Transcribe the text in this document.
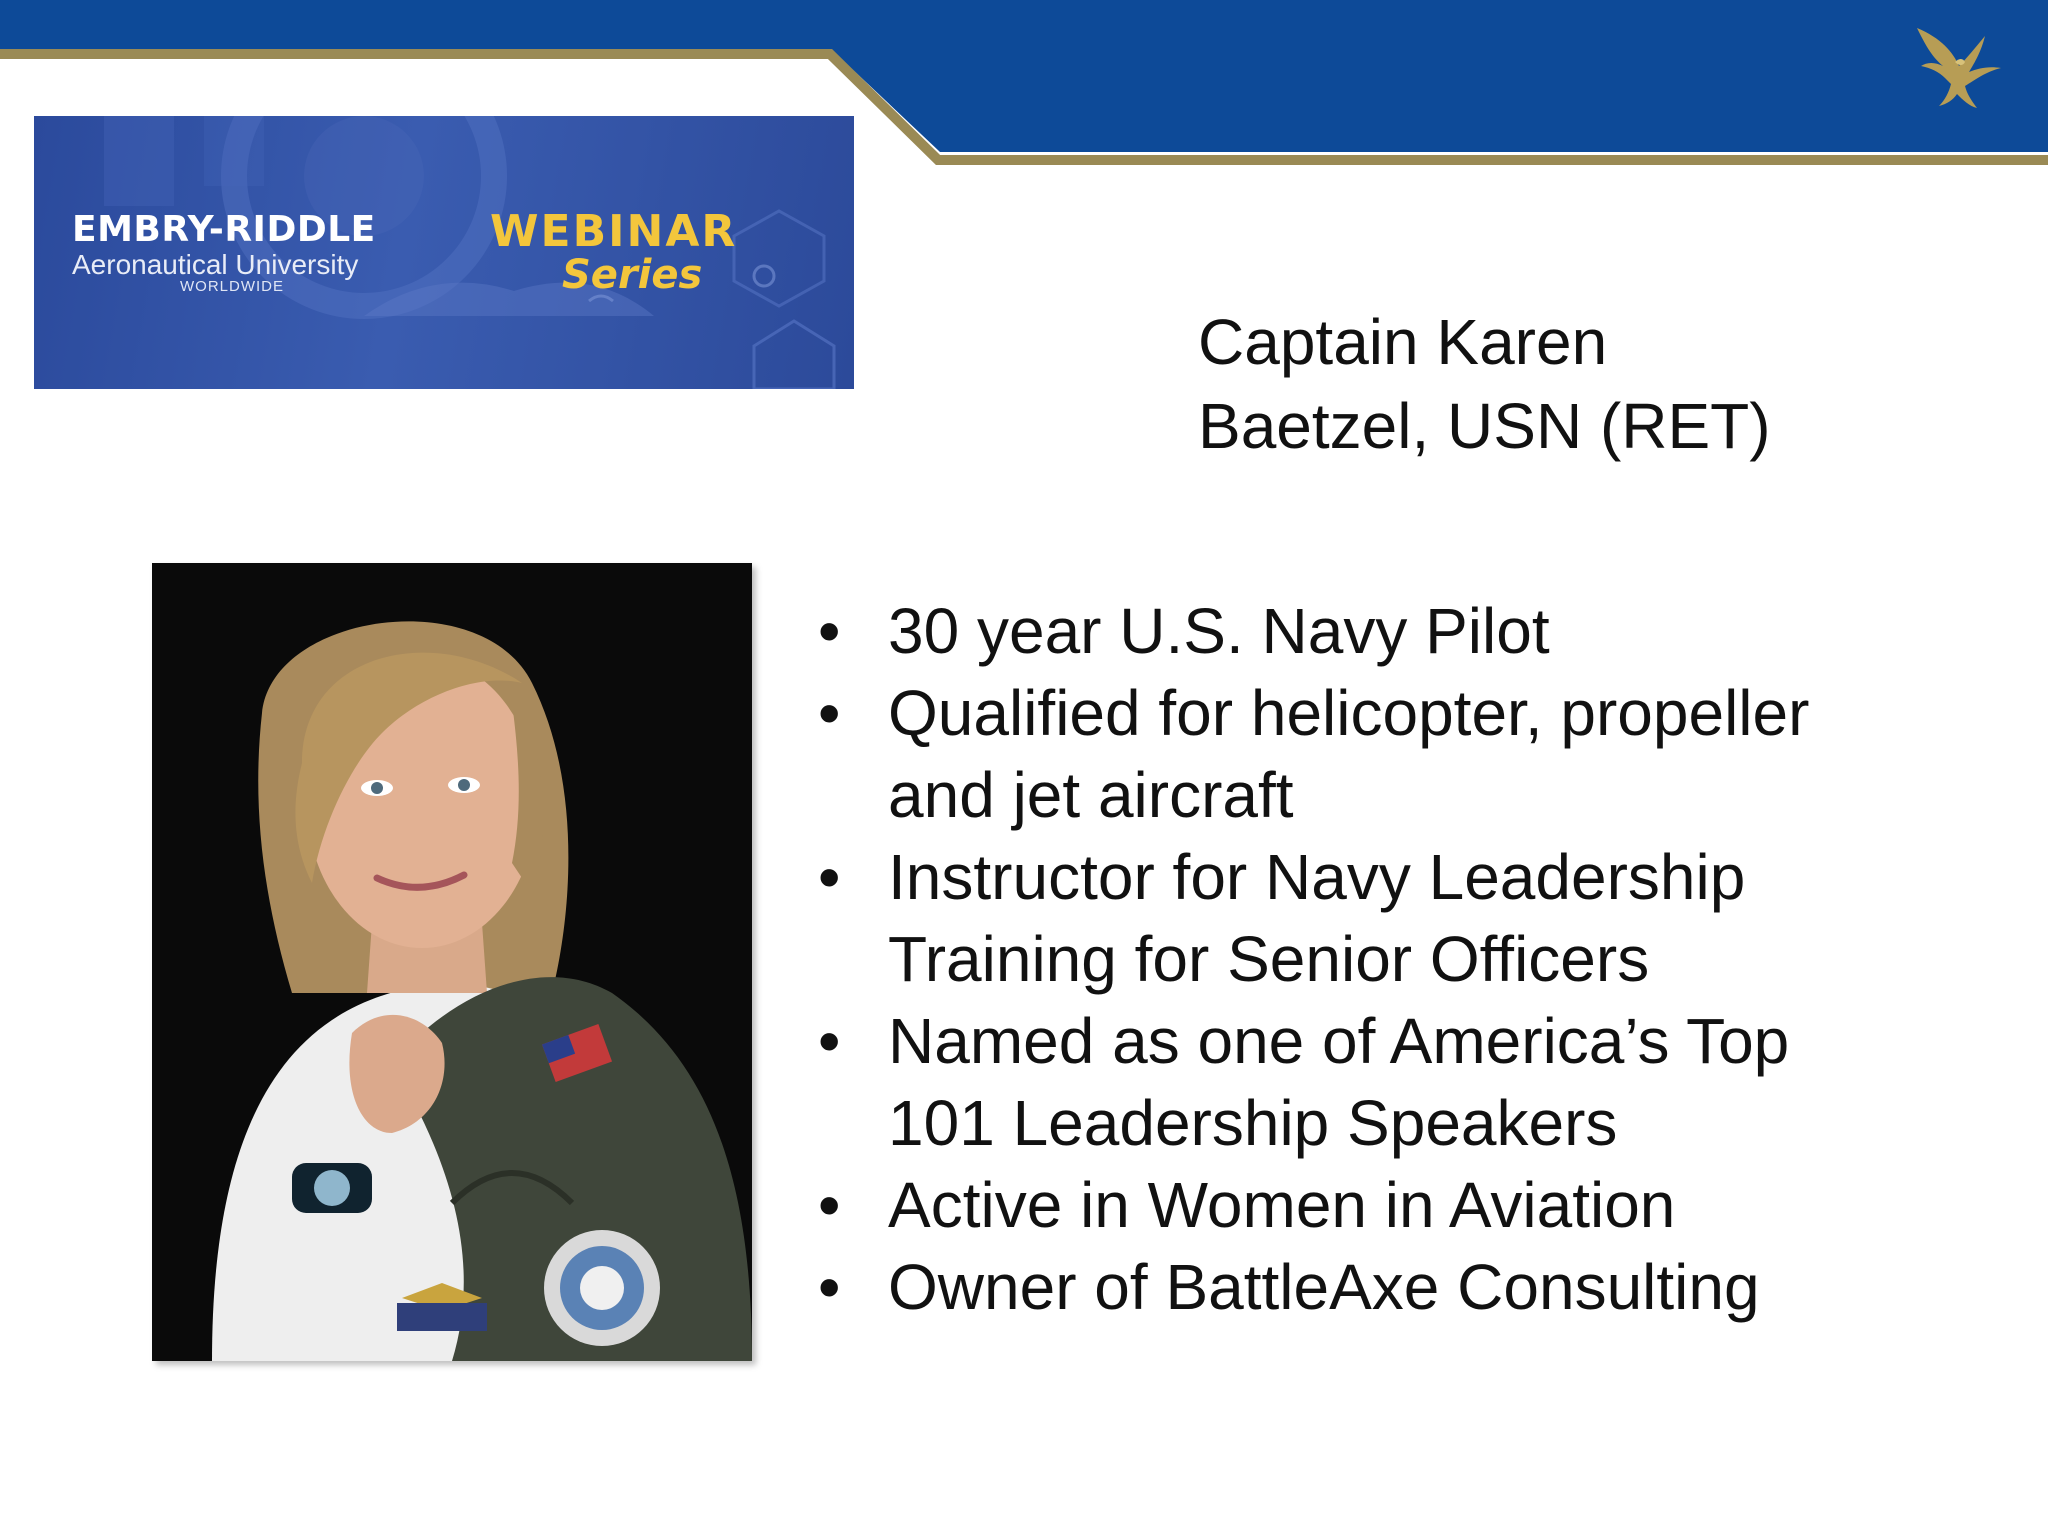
EMBRY-RIDDLE
Aeronautical University
WORLDWIDE
WEBINAR
Series
Captain Karen
Baetzel, USN (RET)
• 30 year U.S. Navy Pilot
• Qualified for helicopter, propeller
and jet aircraft
• Instructor for Navy Leadership
Training for Senior Officers
• Named as one of America’s Top
101 Leadership Speakers
• Active in Women in Aviation
• Owner of BattleAxe Consulting
